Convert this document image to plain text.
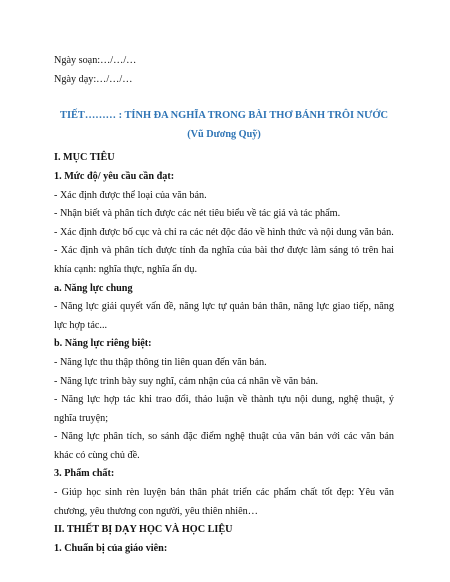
Ngày soạn:…/…/…

Ngày dạy:…/…/…

TIẾT……… : TÍNH ĐA NGHĨA TRONG BÀI THƠ BÁNH TRÔI NƯỚC

(Vũ Dương Quỹ)

I. MỤC TIÊU

1. Mức độ/ yêu cầu cần đạt:

- Xác định được thể loại của văn bản.

- Nhận biết và phân tích được các nét tiêu biểu về tác giả và tác phẩm.

- Xác định được bố cục và chỉ ra các nét độc đáo về hình thức và nội dung văn bản.

- Xác định và phân tích được tính đa nghĩa của bài thơ được làm sáng tỏ trên hai khía cạnh: nghĩa thực, nghĩa ẩn dụ.

a. Năng lực chung

- Năng lực giải quyết vấn đề, năng lực tự quản bản thân, năng lực giao tiếp, năng lực hợp tác...

b. Năng lực riêng biệt:

- Năng lực thu thập thông tin liên quan đến văn bản.

- Năng lực trình bày suy nghĩ, cảm nhận của cá nhân về văn bản.

- Năng lực hợp tác khi trao đổi, thảo luận về thành tựu nội dung, nghệ thuật, ý nghĩa truyện;

- Năng lực phân tích, so sánh đặc điểm nghệ thuật của văn bản với các văn bản khác có cùng chủ đề.

3. Phẩm chất:

- Giúp học sinh rèn luyện bản thân phát triển các phẩm chất tốt đẹp: Yêu văn chương, yêu thương con người, yêu thiên nhiên…

II. THIẾT BỊ DẠY HỌC VÀ HỌC LIỆU

1. Chuẩn bị của giáo viên:
